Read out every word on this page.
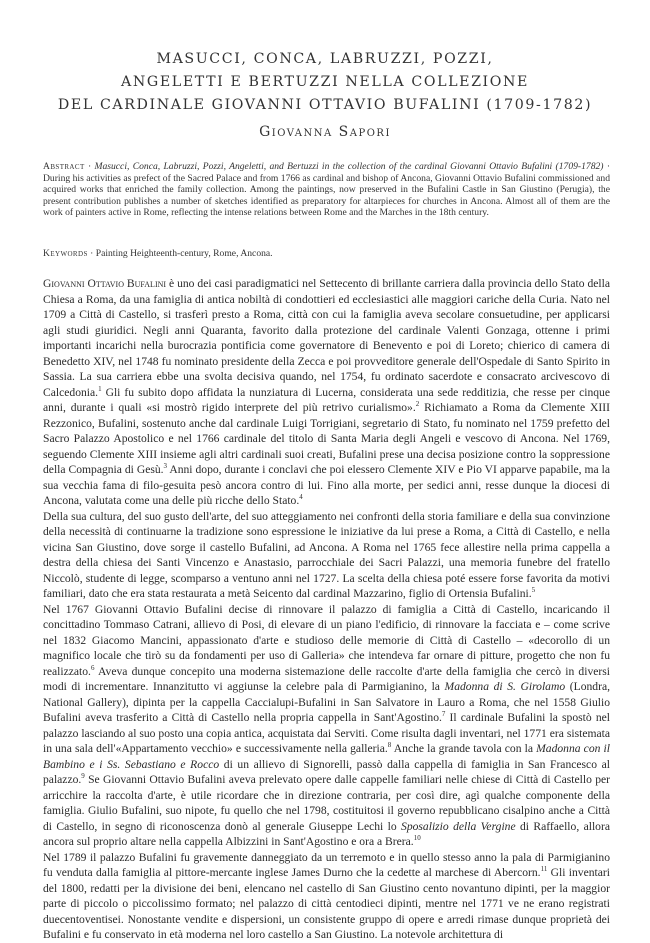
MASUCCI, CONCA, LABRUZZI, POZZI,
ANGELETTI E BERTUZZI NELLA COLLEZIONE
DEL CARDINALE GIOVANNI OTTAVIO BUFALINI (1709-1782)
Giovanna Sapori

Abstract · Masucci, Conca, Labruzzi, Pozzi, Angeletti, and Bertuzzi in the collection of the cardinal Giovanni Ottavio Bufalini (1709-1782) · During his activities as prefect of the Sacred Palace and from 1766 as cardinal and bishop of Ancona, Giovanni Ottavio Bufalini commissioned and acquired works that enriched the family collection. Among the paintings, now preserved in the Bufalini Castle in San Giustino (Perugia), the present contribution publishes a number of sketches identified as preparatory for altarpieces for churches in Ancona. Almost all of them are the work of painters active in Rome, reflecting the intense relations between Rome and the Marches in the 18th century.

Keywords · Painting Heighteenth-century, Rome, Ancona.

Giovanni Ottavio Bufalini è uno dei casi paradigmatici nel Settecento di brillante carriera dalla provincia dello Stato della Chiesa a Roma, da una famiglia di antica nobiltà di condottieri ed ecclesiastici alle maggiori cariche della Curia. Nato nel 1709 a Città di Castello, si trasferì presto a Roma, città con cui la famiglia aveva secolare consuetudine, per applicarsi agli studi giuridici. Negli anni Quaranta, favorito dalla protezione del cardinale Valenti Gonzaga, ottenne i primi importanti incarichi nella burocrazia pontificia come governatore di Benevento e poi di Loreto; chierico di camera di Benedetto XIV, nel 1748 fu nominato presidente della Zecca e poi provveditore generale dell'Ospedale di Santo Spirito in Sassia. La sua carriera ebbe una svolta decisiva quando, nel 1754, fu ordinato sacerdote e consacrato arcivescovo di Calcedonia.$^1$ Gli fu subito dopo affidata la nunziatura di Lucerna, considerata una sede redditizia, che resse per cinque anni, durante i quali «si mostrò rigido interprete del più retrivo curialismo».$^2$ Richiamato a Roma da Clemente XIII Rezzonico, Bufalini, sostenuto anche dal cardinale Luigi Torrigiani, segretario di Stato, fu nominato nel 1759 prefetto del Sacro Palazzo Apostolico e nel 1766 cardinale del titolo di Santa Maria degli Angeli e vescovo di Ancona. Nel 1769, seguendo Clemente XIII insieme agli altri cardinali suoi creati, Bufalini prese una decisa posizione contro la soppressione della Compagnia di Gesù.$^3$ Anni dopo, durante i conclavi che poi elessero Clemente XIV e Pio VI apparve papabile, ma la sua vecchia fama di filo-gesuita pesò ancora contro di lui. Fino alla morte, per sedici anni, resse dunque la diocesi di Ancona, valutata come una delle più ricche dello Stato.$^4$

Della sua cultura, del suo gusto dell'arte, del suo atteggiamento nei confronti della storia familiare e della sua convinzione della necessità di continuarne la tradizione sono espressione le iniziative da lui prese a Roma, a Città di Castello, e nella vicina San Giustino, dove sorge il castello Bufalini, ad Ancona. A Roma nel 1765 fece allestire nella prima cappella a destra della chiesa dei Santi Vincenzo e Anastasio, parrocchiale dei Sacri Palazzi, una memoria funebre del fratello Niccolò, studente di legge, scomparso a ventuno anni nel 1727. La scelta della chiesa poté essere forse favorita da motivi familiari, dato che era stata restaurata a metà Seicento dal cardinal Mazzarino, figlio di Ortensia Bufalini.$^5$

Nel 1767 Giovanni Ottavio Bufalini decise di rinnovare il palazzo di famiglia a Città di Castello, incaricando il concittadino Tommaso Catrani, allievo di Posi, di elevare di un piano l'edificio, di rinnovare la facciata e – come scrive nel 1832 Giacomo Mancini, appassionato d'arte e studioso delle memorie di Città di Castello – «decorollo di un magnifico locale che tirò su da fondamenti per uso di Galleria» che intendeva far ornare di pitture, progetto che non fu realizzato.$^6$ Aveva dunque concepito una moderna sistemazione delle raccolte d'arte della famiglia che cercò in diversi modi di incrementare. Innanzitutto vi aggiunse la celebre pala di Parmigianino, la Madonna di S. Girolamo (Londra, National Gallery), dipinta per la cappella Caccialupi-Bufalini in San Salvatore in Lauro a Roma, che nel 1558 Giulio Bufalini aveva trasferito a Città di Castello nella propria cappella in Sant'Agostino.$^7$ Il cardinale Bufalini la spostò nel palazzo lasciando al suo posto una copia antica, acquistata dai Serviti. Come risulta dagli inventari, nel 1771 era sistemata in una sala dell'«Appartamento vecchio» e successivamente nella galleria.$^8$ Anche la grande tavola con la Madonna con il Bambino e i Ss. Sebastiano e Rocco di un allievo di Signorelli, passò dalla cappella di famiglia in San Francesco al palazzo.$^9$ Se Giovanni Ottavio Bufalini aveva prelevato opere dalle cappelle familiari nelle chiese di Città di Castello per arricchire la raccolta d'arte, è utile ricordare che in direzione contraria, per così dire, agì qualche componente della famiglia. Giulio Bufalini, suo nipote, fu quello che nel 1798, costituitosi il governo repubblicano cisalpino anche a Città di Castello, in segno di riconoscenza donò al generale Giuseppe Lechi lo Sposalizio della Vergine di Raffaello, allora ancora sul proprio altare nella cappella Albizzini in Sant'Agostino e ora a Brera.$^{10}$

Nel 1789 il palazzo Bufalini fu gravemente danneggiato da un terremoto e in quello stesso anno la pala di Parmigianino fu venduta dalla famiglia al pittore-mercante inglese James Durno che la cedette al marchese di Abercorn.$^{11}$ Gli inventari del 1800, redatti per la divisione dei beni, elencano nel castello di San Giustino cento novantuno dipinti, per la maggior parte di piccolo o piccolissimo formato; nel palazzo di città centodieci dipinti, mentre nel 1771 ve ne erano registrati duecentoventisei. Nonostante vendite e dispersioni, un consistente gruppo di opere e arredi rimase dunque proprietà dei Bufalini e fu conservato in età moderna nel loro castello a San Giustino. La notevole architettura di
